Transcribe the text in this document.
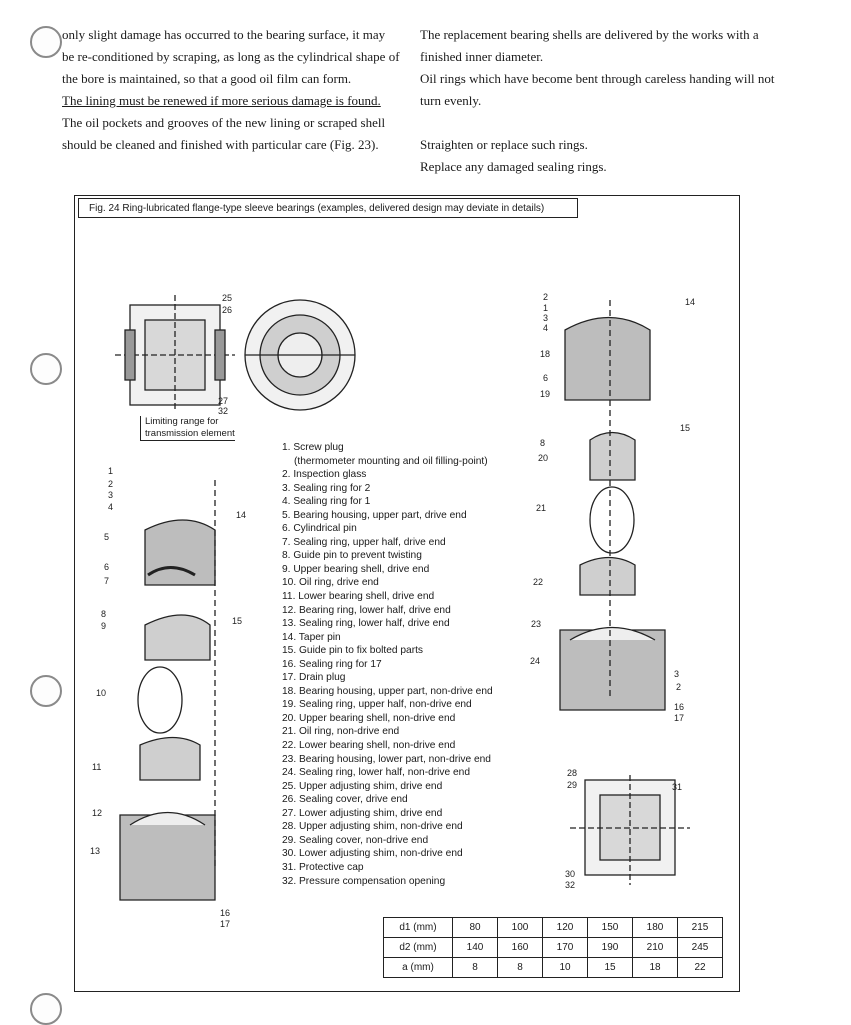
only slight damage has occurred to the bearing surface, it may

be re-conditioned by scraping, as long as the cylindrical shape of

the bore is maintained, so that a good oil film can form.

The lining must be renewed if more serious damage is found.

The oil pockets and grooves of the new lining or scraped shell

should be cleaned and finished with particular care (Fig. 23).

The replacement bearing shells are delivered by the works with a

finished inner diameter.

Oil rings which have become bent through careless handing will not

turn evenly.

Straighten or replace such rings.

Replace any damaged sealing rings.

Fig. 24 Ring-lubricated flange-type sleeve bearings (examples, delivered design may deviate in details)
Limiting range for
transmission element
25
26
27
32
1
2
3
4
5
6
7
8
9
10
11
12
13
14
15
16
17
2
1
3
4
18
6
19
8
20
21
22
23
24
14
15
3
2
16
17
28
29
30
32
31
1. Screw plug
(thermometer mounting and oil filling-point)
2. Inspection glass
3. Sealing ring for 2
4. Sealing ring for 1
5. Bearing housing, upper part, drive end
6. Cylindrical pin
7. Sealing ring, upper half, drive end
8. Guide pin to prevent twisting
9. Upper bearing shell, drive end
10. Oil ring, drive end
11. Lower bearing shell, drive end
12. Bearing ring, lower half, drive end
13. Sealing ring, lower half, drive end
14. Taper pin
15. Guide pin to fix bolted parts
16. Sealing ring for 17
17. Drain plug
18. Bearing housing, upper part, non-drive end
19. Sealing ring, upper half, non-drive end
20. Upper bearing shell, non-drive end
21. Oil ring, non-drive end
22. Lower bearing shell, non-drive end
23. Bearing housing, lower part, non-drive end
24. Sealing ring, lower half, non-drive end
25. Upper adjusting shim, drive end
26. Sealing cover, drive end
27. Lower adjusting shim, drive end
28. Upper adjusting shim, non-drive end
29. Sealing cover, non-drive end
30. Lower adjusting shim, non-drive end
31. Protective cap
32. Pressure compensation opening
d1 (mm)	80	100	120	150	180	215
d2 (mm)	140	160	170	190	210	245
a (mm)	8	8	10	15	18	22
